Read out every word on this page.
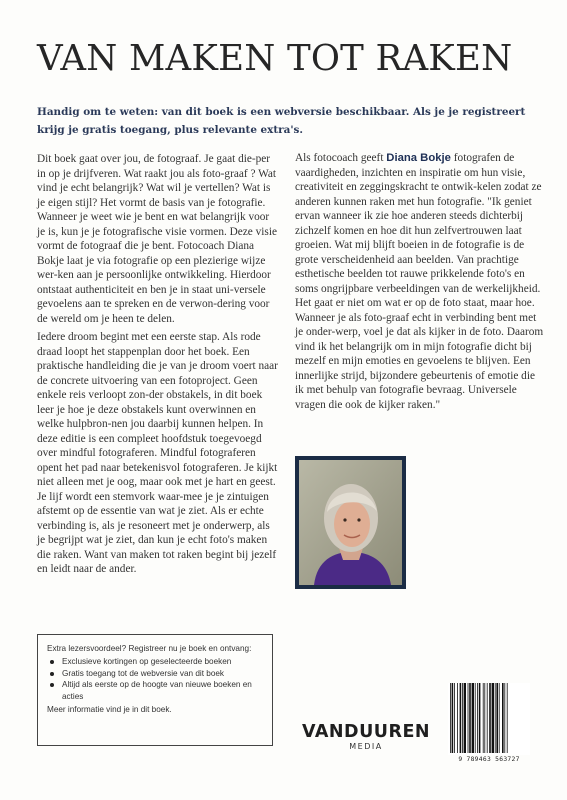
VAN MAKEN TOT RAKEN

Handig om te weten: van dit boek is een webversie beschikbaar. Als je je registreert krijg je gratis toegang, plus relevante extra's.

Dit boek gaat over jou, de fotograaf. Je gaat die-per in op je drijfveren. Wat raakt jou als foto-graaf ? Wat vind je echt belangrijk? Wat wil je vertellen? Wat is je eigen stijl? Het vormt de basis van je fotografie. Wanneer je weet wie je bent en wat belangrijk voor je is, kun je je fotografische visie vormen. Deze visie vormt de fotograaf die je bent. Fotocoach Diana Bokje laat je via fotografie op een plezierige wijze wer-ken aan je persoonlijke ontwikkeling. Hierdoor ontstaat authenticiteit en ben je in staat uni-versele gevoelens aan te spreken en de verwon-dering voor de wereld om je heen te delen.

Iedere droom begint met een eerste stap. Als rode draad loopt het stappenplan door het boek. Een praktische handleiding die je van je droom voert naar de concrete uitvoering van een fotoproject. Geen enkele reis verloopt zon-der obstakels, in dit boek leer je hoe je deze obstakels kunt overwinnen en welke hulpbron-nen jou daarbij kunnen helpen. In deze editie is een compleet hoofdstuk toegevoegd over mindful fotograferen. Mindful fotograferen opent het pad naar betekenisvol fotograferen. Je kijkt niet alleen met je oog, maar ook met je hart en geest. Je lijf wordt een stemvork waar-mee je je zintuigen afstemt op de essentie van wat je ziet. Als er echte verbinding is, als je resoneert met je onderwerp, als je begrijpt wat je ziet, dan kun je echt foto's maken die raken. Want van maken tot raken begint bij jezelf en leidt naar de ander.

Als fotocoach geeft Diana Bokje fotografen de vaardigheden, inzichten en inspiratie om hun visie, creativiteit en zeggingskracht te ontwik-kelen zodat ze anderen kunnen raken met hun fotografie. "Ik geniet ervan wanneer ik zie hoe anderen steeds dichterbij zichzelf komen en hoe dit hun zelfvertrouwen laat groeien. Wat mij blijft boeien in de fotografie is de grote verscheidenheid aan beelden. Van prachtige esthetische beelden tot rauwe prikkelende foto's en soms ongrijpbare verbeeldingen van de werkelijkheid. Het gaat er niet om wat er op de foto staat, maar hoe. Wanneer je als foto-graaf echt in verbinding bent met je onder-werp, voel je dat als kijker in de foto. Daarom vind ik het belangrijk om in mijn fotografie dicht bij mezelf en mijn emoties en gevoelens te blijven. Een innerlijke strijd, bijzondere gebeurtenis of emotie die ik met behulp van fotografie bevraag. Universele vragen die ook de kijker raken."

Extra lezersvoordeel? Registreer nu je boek en ontvang:

Exclusieve kortingen op geselecteerde boeken
Gratis toegang tot de webversie van dit boek
Altijd als eerste op de hoogte van nieuwe boeken en acties

Meer informatie vind je in dit boek.

VANDUUREN
MEDIA
9 789463 563727
